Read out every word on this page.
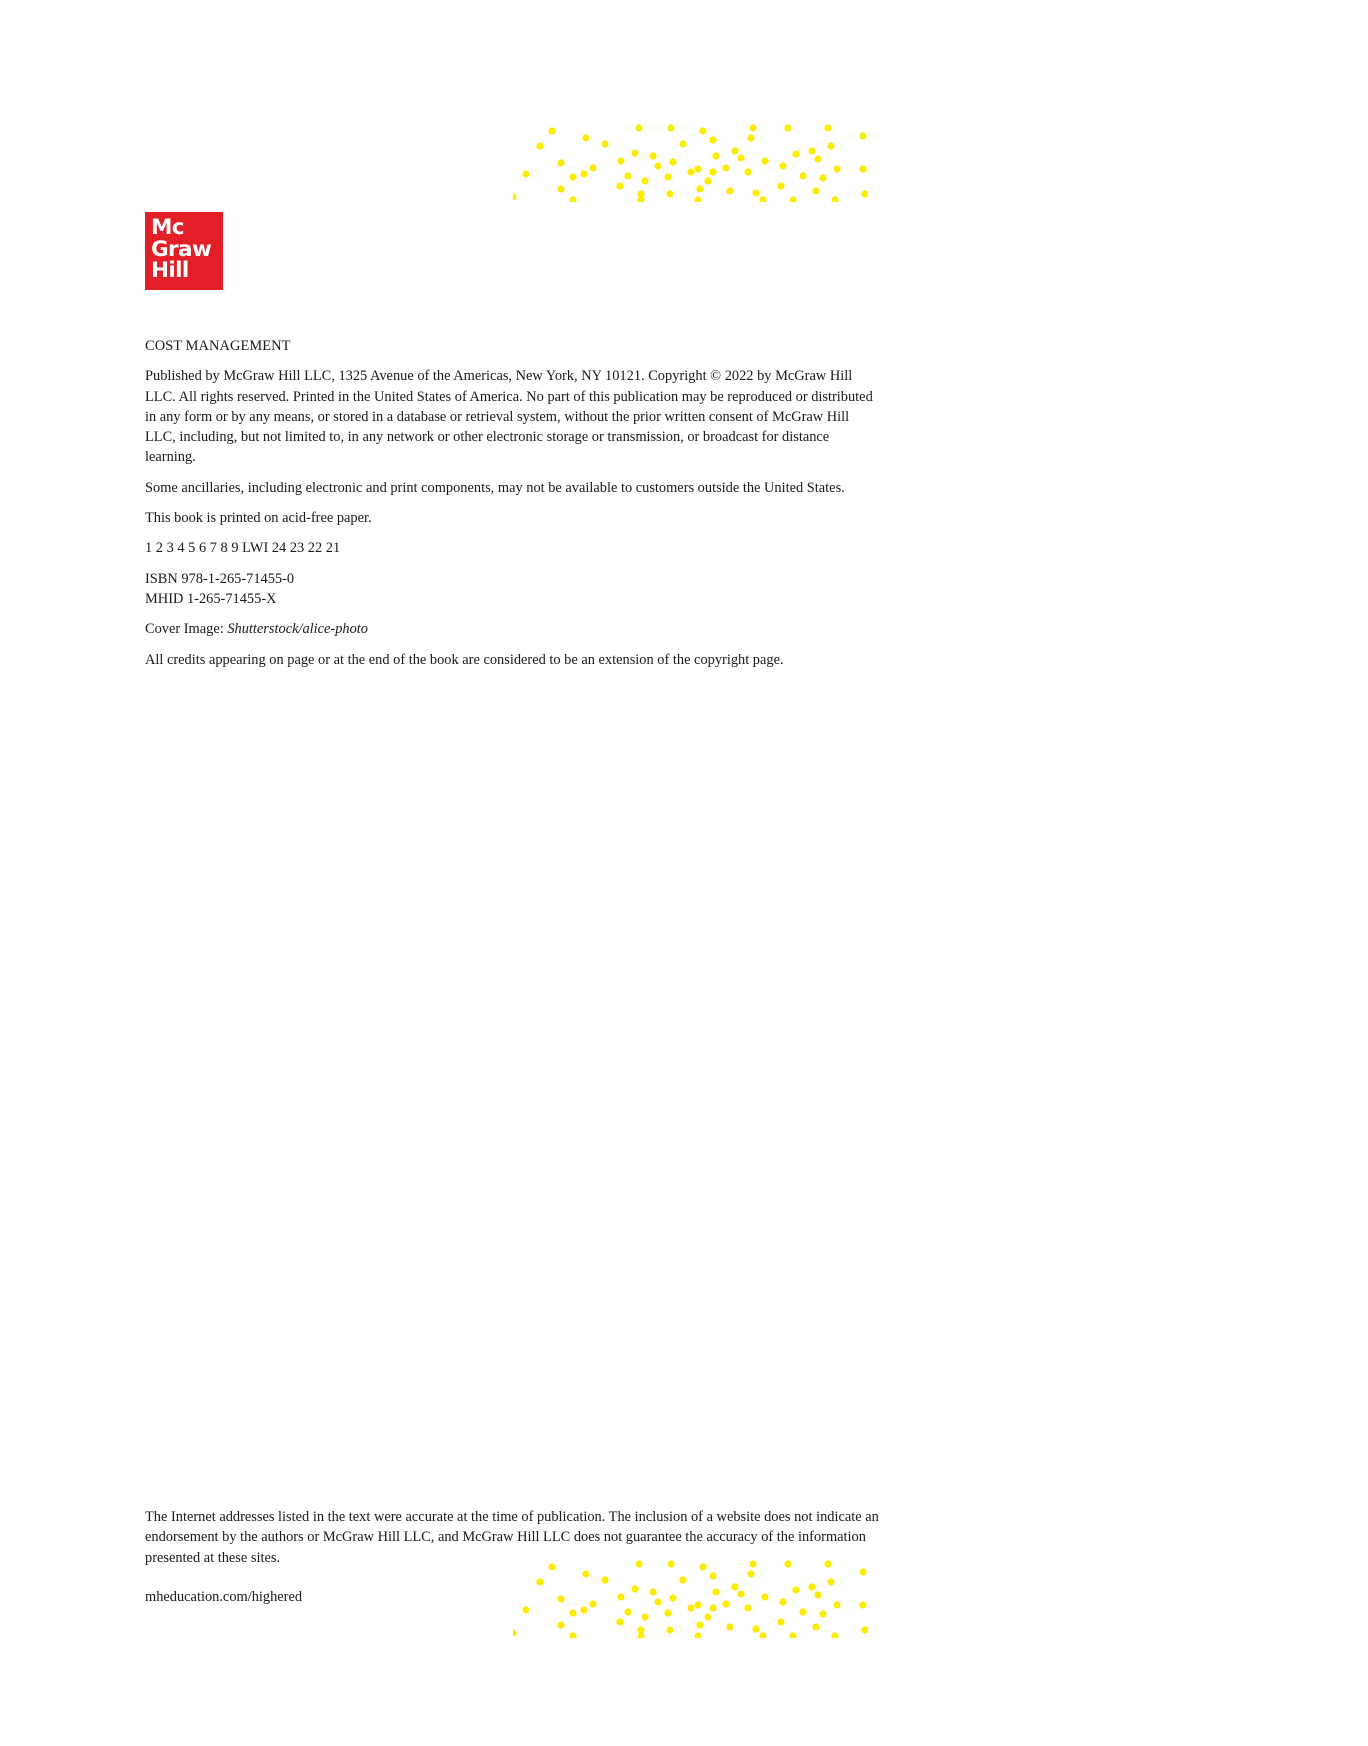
Mc
Graw
Hill

COST MANAGEMENT

Published by McGraw Hill LLC, 1325 Avenue of the Americas, New York, NY 10121. Copyright © 2022 by McGraw Hill LLC. All rights reserved. Printed in the United States of America. No part of this publication may be reproduced or distributed in any form or by any means, or stored in a database or retrieval system, without the prior written consent of McGraw Hill LLC, including, but not limited to, in any network or other electronic storage or transmission, or broadcast for distance learning.

Some ancillaries, including electronic and print components, may not be available to customers outside the United States.

This book is printed on acid-free paper.

1 2 3 4 5 6 7 8 9 LWI 24 23 22 21

ISBN 978-1-265-71455-0
MHID 1-265-71455-X

Cover Image: Shutterstock/alice-photo

All credits appearing on page or at the end of the book are considered to be an extension of the copyright page.

The Internet addresses listed in the text were accurate at the time of publication. The inclusion of a website does not indicate an endorsement by the authors or McGraw Hill LLC, and McGraw Hill LLC does not guarantee the accuracy of the information presented at these sites.

mheducation.com/highered
